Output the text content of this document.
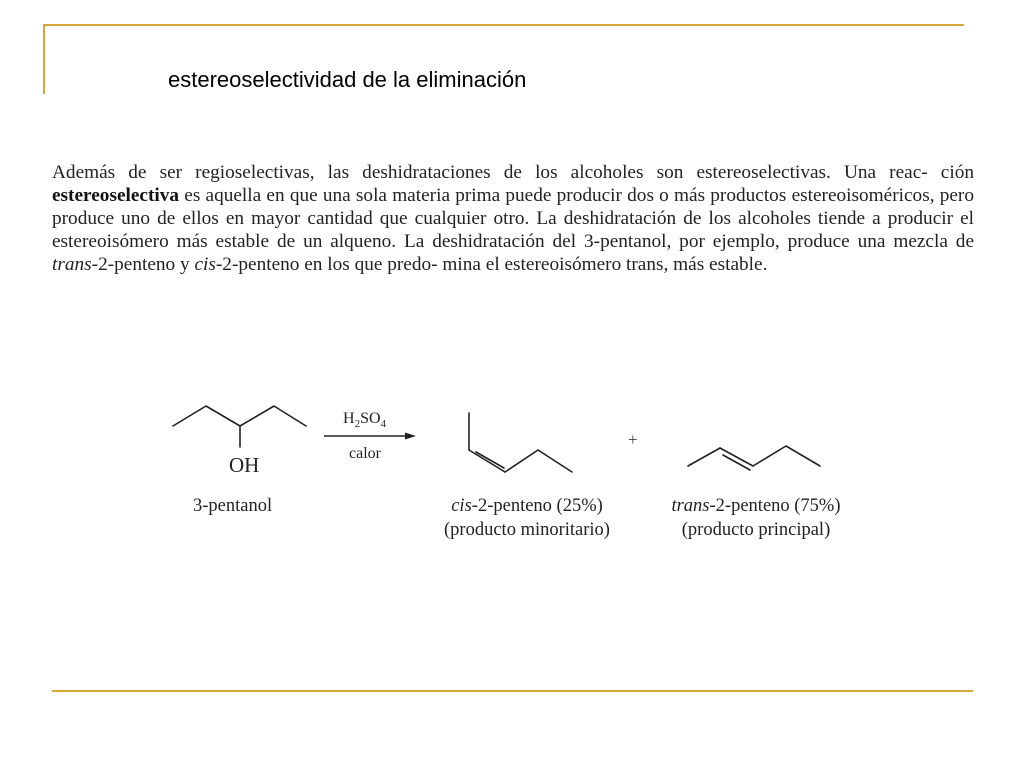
estereoselectividad de la eliminación
Además de ser regioselectivas, las deshidrataciones de los alcoholes son estereoselectivas. Una reac- ción estereoselectiva es aquella en que una sola materia prima puede producir dos o más productos estereoisoméricos, pero produce uno de ellos en mayor cantidad que cualquier otro. La deshidratación de los alcoholes tiende a producir el estereoisómero más estable de un alqueno. La deshidratación del 3-pentanol, por ejemplo, produce una mezcla de trans-2-penteno y cis-2-penteno en los que predo- mina el estereoisómero trans, más estable.
OH
$H_2SO_4$
calor
+
3-pentanol	cis-2-penteno (25%)
(producto minoritario)
trans-2-penteno (75%)
(producto principal)
